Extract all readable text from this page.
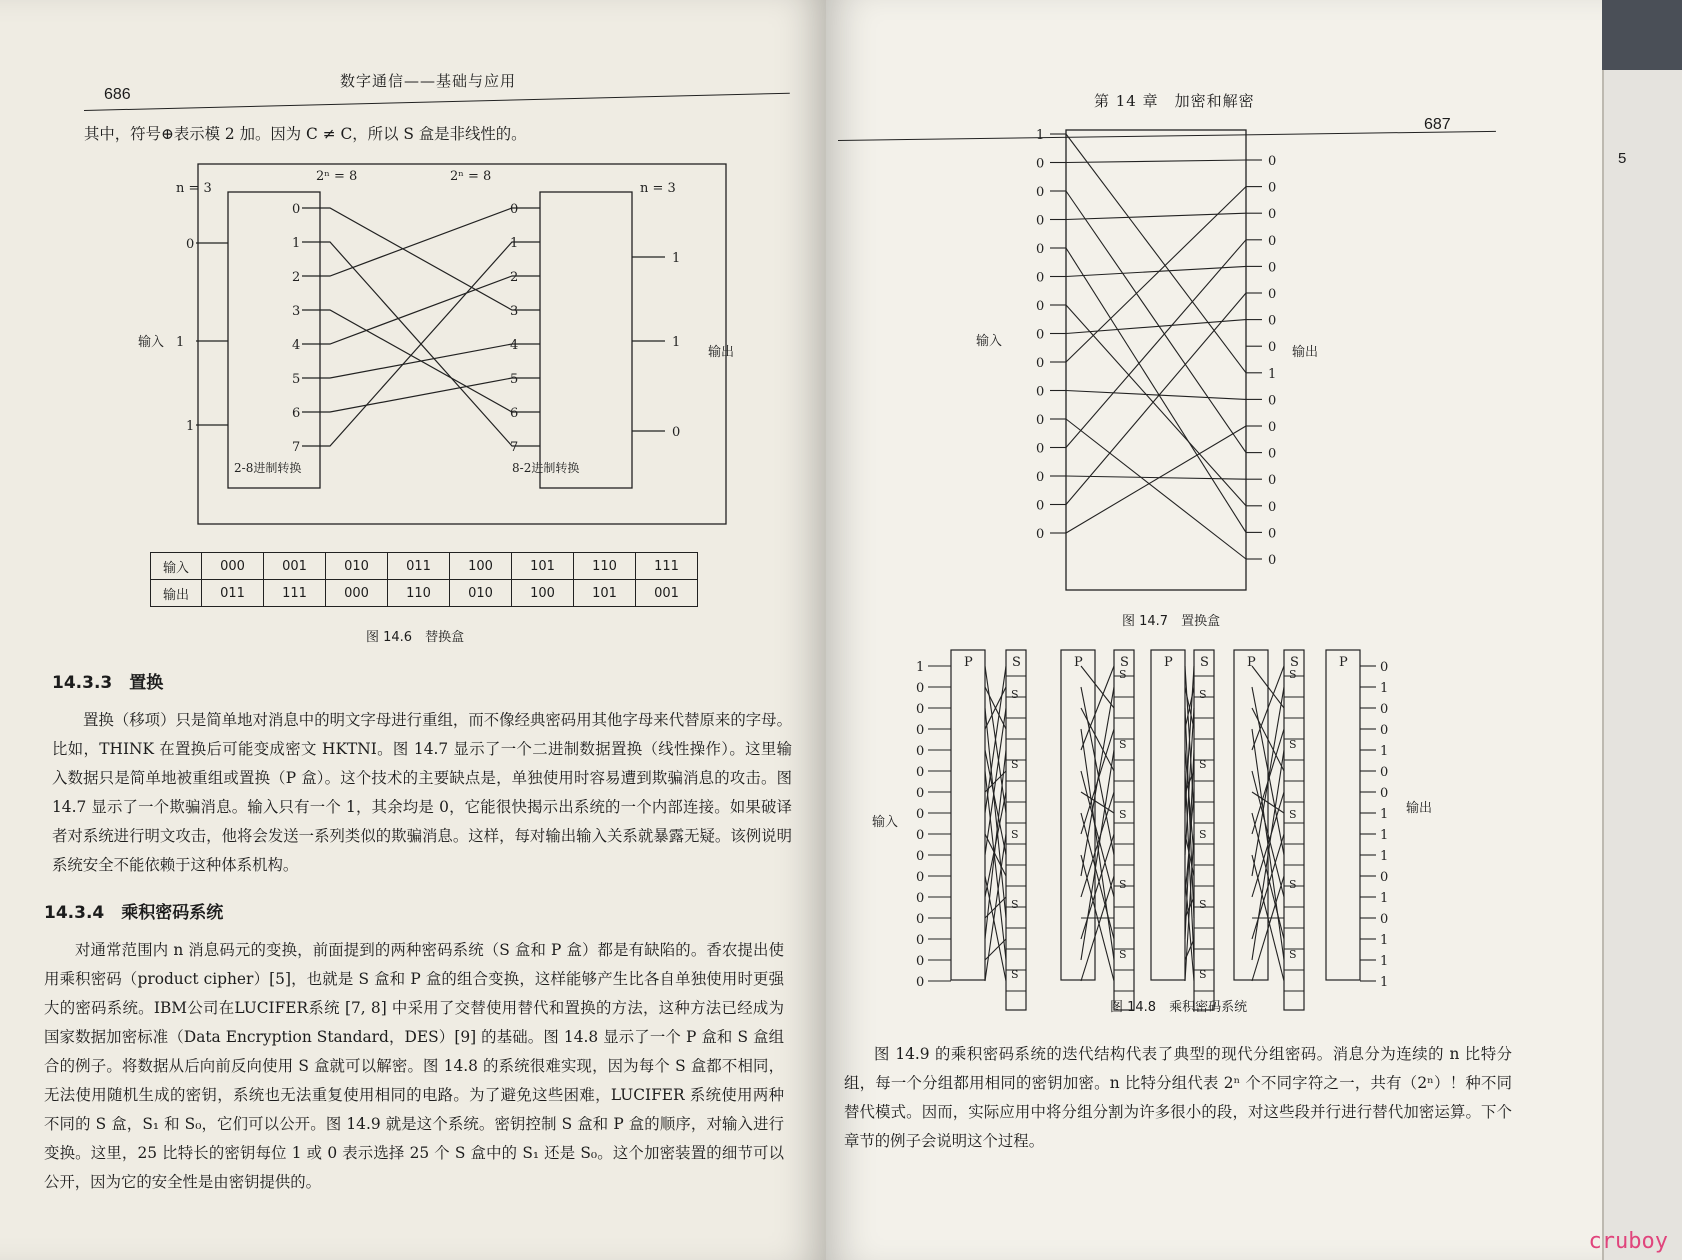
686
数字通信——基础与应用
其中，符号⊕表示模 2 加。因为 C ≠ C，所以 S 盒是非线性的。
n = 3	n = 3
2ⁿ = 8	2ⁿ = 8
输入
输出
0
1
1
1
1
0
0	0
1	1
2	2
3	3
4	4
5	5
6	6
7	7
2-8进制转换	8-2进制转换
输入	000	001	010	011	100	101	110	111
输出	011	111	000	110	010	100	101	001
图 14.6　替换盒
14.3.3　置换
置换（移项）只是简单地对消息中的明文字母进行重组，而不像经典密码用其他字母来代替原来的字母。比如，THINK 在置换后可能变成密文 HKTNI。图 14.7 显示了一个二进制数据置换（线性操作）。这里输入数据只是简单地被重组或置换（P 盒）。这个技术的主要缺点是，单独使用时容易遭到欺骗消息的攻击。图 14.7 显示了一个欺骗消息。输入只有一个 1，其余均是 0，它能很快揭示出系统的一个内部连接。如果破译者对系统进行明文攻击，他将会发送一系列类似的欺骗消息。这样，每对输出输入关系就暴露无疑。该例说明系统安全不能依赖于这种体系机构。
14.3.4　乘积密码系统
对通常范围内 n 消息码元的变换，前面提到的两种密码系统（S 盒和 P 盒）都是有缺陷的。香农提出使用乘积密码（product cipher）[5]，也就是 S 盒和 P 盒的组合变换，这样能够产生比各自单独使用时更强大的密码系统。IBM公司在LUCIFER系统 [7, 8] 中采用了交替使用替代和置换的方法，这种方法已经成为国家数据加密标准（Data Encryption Standard，DES）[9] 的基础。图 14.8 显示了一个 P 盒和 S 盒组合的例子。将数据从后向前反向使用 S 盒就可以解密。图 14.8 的系统很难实现，因为每个 S 盒都不相同，无法使用随机生成的密钥，系统也无法重复使用相同的电路。为了避免这些困难，LUCIFER 系统使用两种不同的 S 盒，S₁ 和 S₀，它们可以公开。图 14.9 就是这个系统。密钥控制 S 盒和 P 盒的顺序，对输入进行变换。这里，25 比特长的密钥每位 1 或 0 表示选择 25 个 S 盒中的 S₁ 还是 S₀。这个加密装置的细节可以公开，因为它的安全性是由密钥提供的。
第 14 章　加密和解密
687
1
0
0
0
0
0
0
0
0
0
0
0
0
0
0
0
0
0
0
0
0
0
0
1
0
0
0
0
0
0
0
输入
输出
图 14.7　置换盒
P	S
S
S
S
S
S
P	S
S
S
S
S
S
P S
S
S
S
S
S
P	S
S
S
S
S
S
P
1
0
0
0
0
0
0
0
0
0
0
0
0
0
0
0
0
1
0
0
1
0
0
1
1
1
0
1
0
1
1
1
输入
输出
图 14.8　乘积密码系统
图 14.9 的乘积密码系统的迭代结构代表了典型的现代分组密码。消息分为连续的 n 比特分组，每一个分组都用相同的密钥加密。n 比特分组代表 2ⁿ 个不同字符之一，共有（2ⁿ）！种不同替代模式。因而，实际应用中将分组分割为许多很小的段，对这些段并行进行替代加密运算。下个章节的例子会说明这个过程。
5
cruboy
